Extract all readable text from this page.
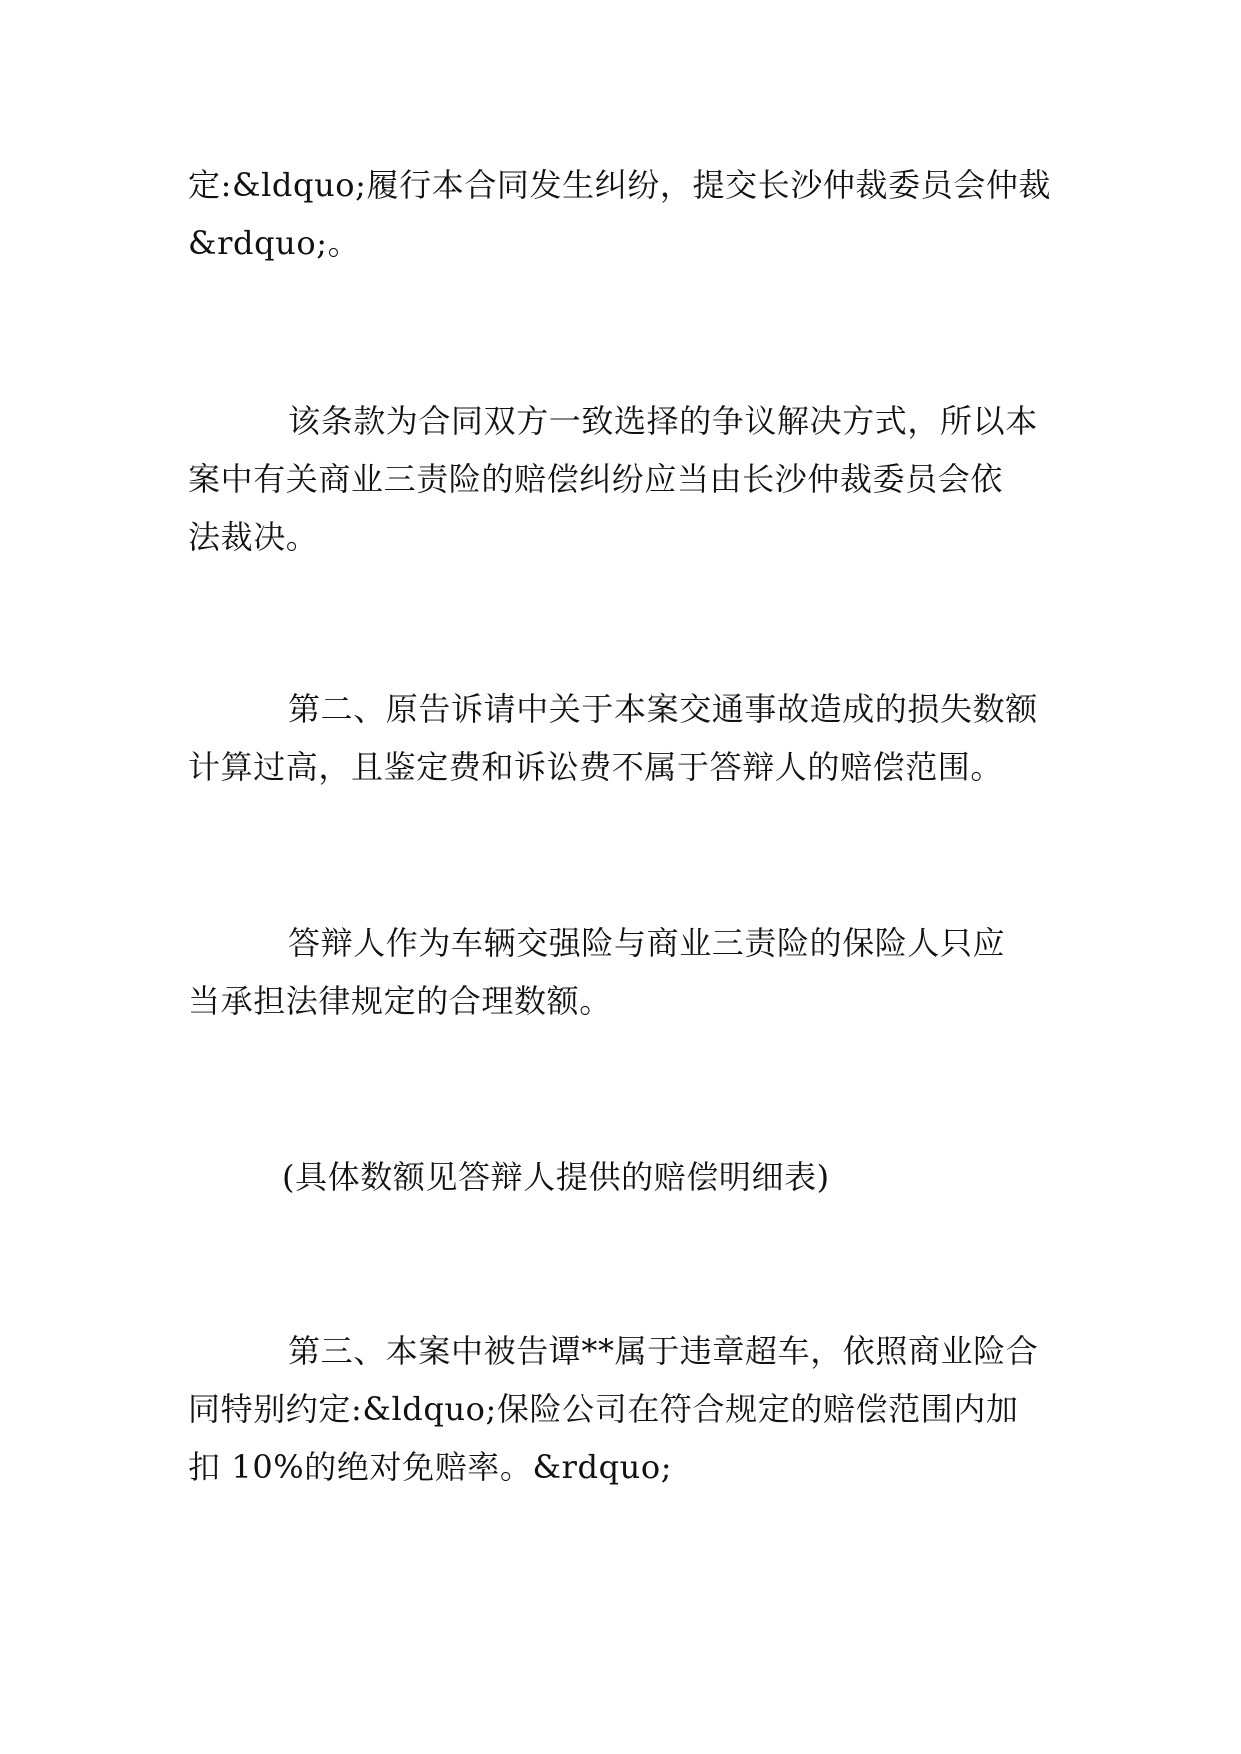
定:&ldquo;履行本合同发生纠纷，提交长沙仲裁委员会仲裁
&rdquo;。

该条款为合同双方一致选择的争议解决方式，所以本
案中有关商业三责险的赔偿纠纷应当由长沙仲裁委员会依
法裁决。

第二、原告诉请中关于本案交通事故造成的损失数额
计算过高，且鉴定费和诉讼费不属于答辩人的赔偿范围。

答辩人作为车辆交强险与商业三责险的保险人只应
当承担法律规定的合理数额。

(具体数额见答辩人提供的赔偿明细表)

第三、本案中被告谭**属于违章超车，依照商业险合
同特别约定:&ldquo;保险公司在符合规定的赔偿范围内加
扣 10%的绝对免赔率。&rdquo;
